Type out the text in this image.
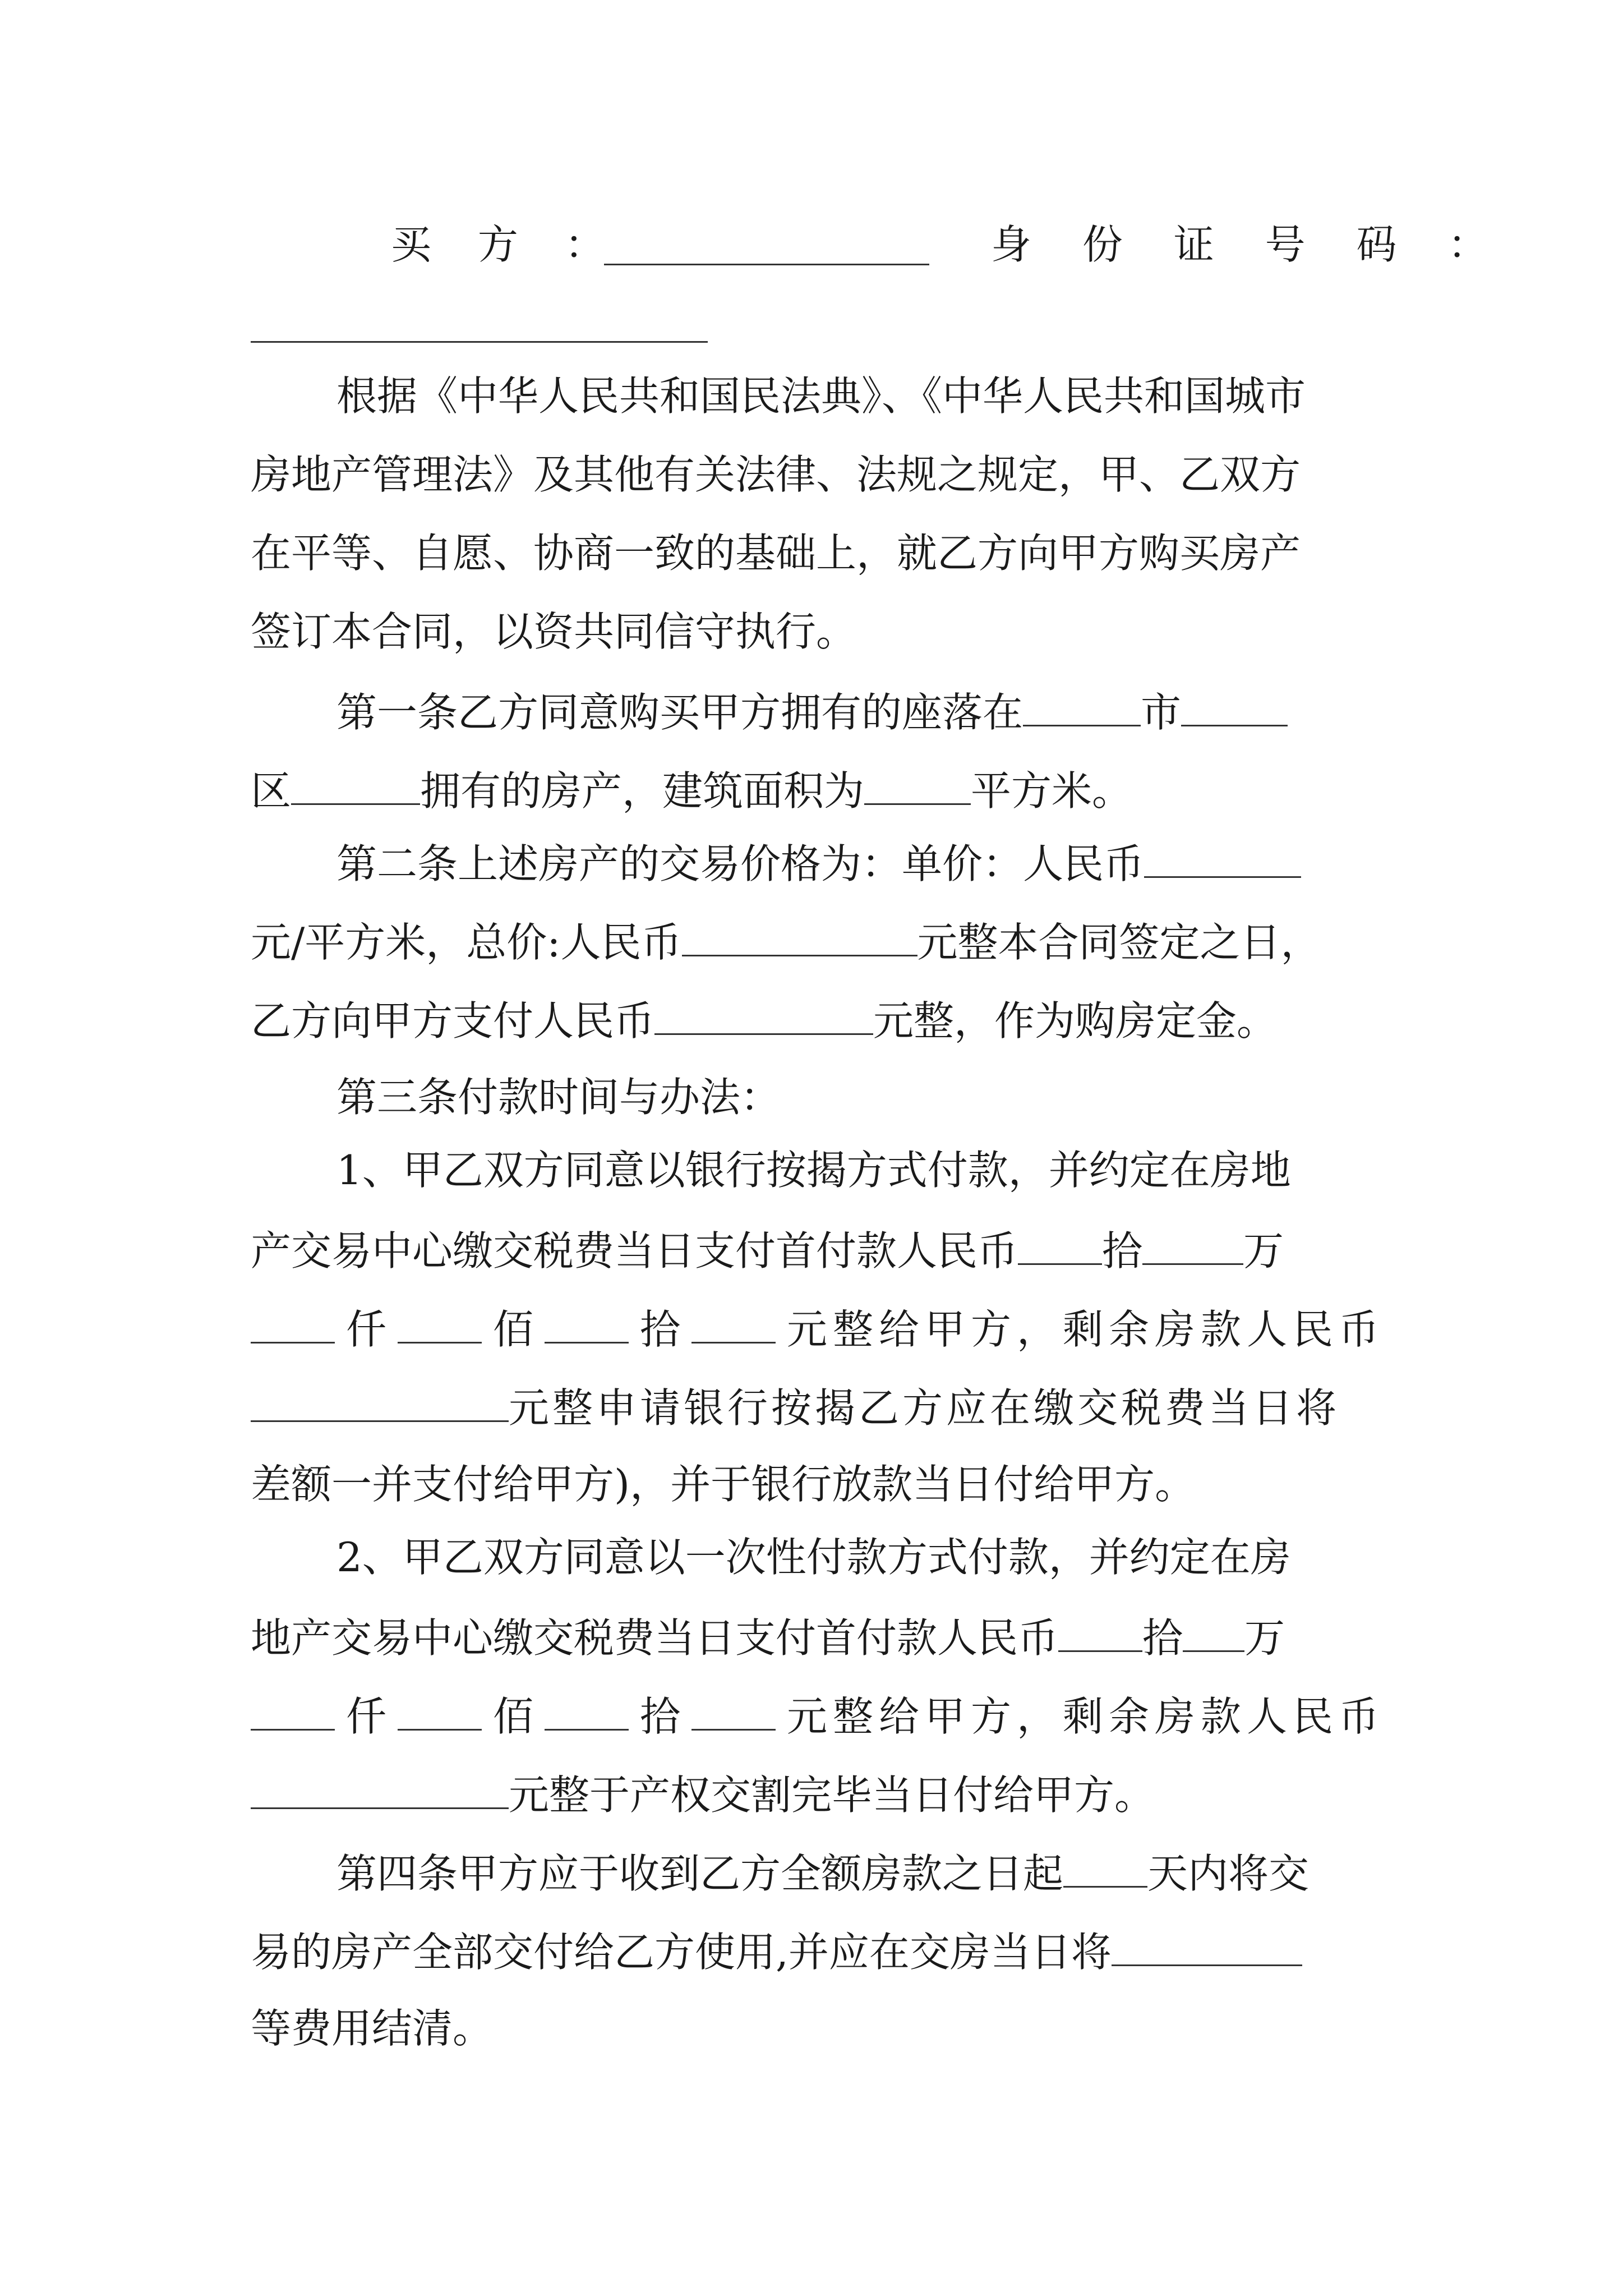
买 方 ：	身 份 证 号 码 ：
根据《中华人民共和国民法典》、《中华人民共和国城市
房地产管理法》及其他有关法律、法规之规定，甲、乙双方
在平等、自愿、协商一致的基础上，就乙方向甲方购买房产
签订本合同，以资共同信守执行。
第一条乙方同意购买甲方拥有的座落在	市
区	拥有的房产，建筑面积为	平方米。
第二条上述房产的交易价格为：单价：人民币
元/平方米，总价:人民币	元整本合同签定之日，
乙方向甲方支付人民币	元整，作为购房定金。
第三条付款时间与办法：
1、甲乙双方同意以银行按揭方式付款，并约定在房地
产交易中心缴交税费当日支付首付款人民币 拾	万
仟	佰	拾	元整给甲方，剩余房款人民币
元整申请银行按揭乙方应在缴交税费当日将
差额一并支付给甲方)，并于银行放款当日付给甲方。
2、甲乙双方同意以一次性付款方式付款，并约定在房
地产交易中心缴交税费当日支付首付款人民币 拾 万
仟	佰	拾	元整给甲方，剩余房款人民币
元整于产权交割完毕当日付给甲方。
第四条甲方应于收到乙方全额房款之日起 天内将交
易的房产全部交付给乙方使用,并应在交房当日将
等费用结清。
